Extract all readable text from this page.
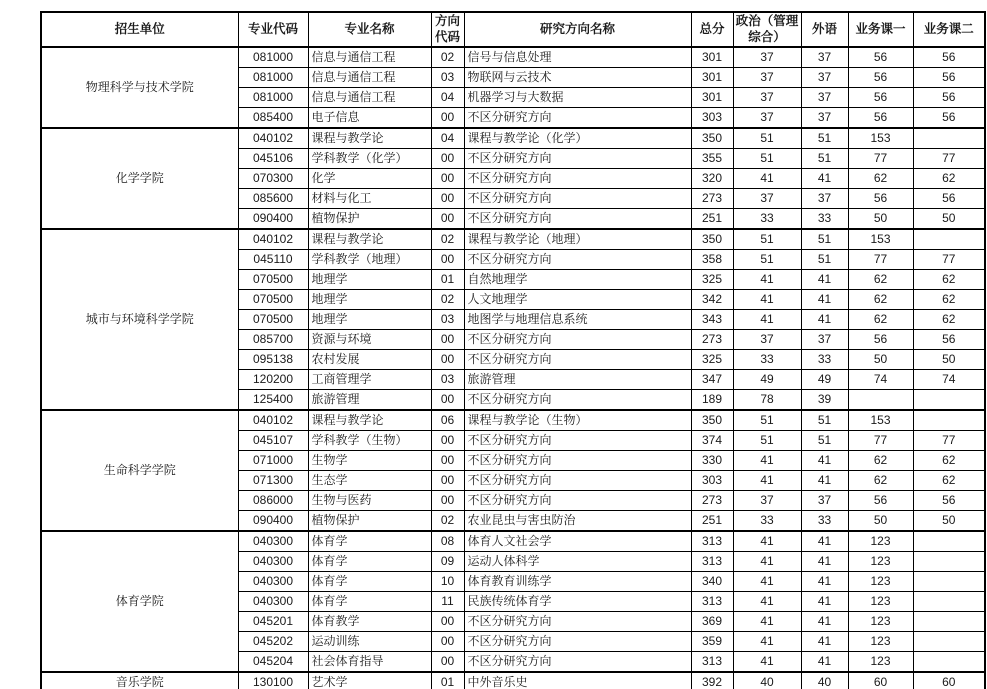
招生单位	专业代码	专业名称	方向代码	研究方向名称	总分	政治（管理综合）	外语	业务课一	业务课二
物理科学与技术学院	081000	信息与通信工程	02	信号与信息处理	301	37	37	56	56
	081000	信息与通信工程	03	物联网与云技术	301	37	37	56	56
	081000	信息与通信工程	04	机器学习与大数据	301	37	37	56	56
	085400	电子信息	00	不区分研究方向	303	37	37	56	56
化学学院	040102	课程与教学论	04	课程与教学论（化学）	350	51	51	153	
	045106	学科教学（化学）	00	不区分研究方向	355	51	51	77	77
	070300	化学	00	不区分研究方向	320	41	41	62	62
	085600	材料与化工	00	不区分研究方向	273	37	37	56	56
	090400	植物保护	00	不区分研究方向	251	33	33	50	50
城市与环境科学学院	040102	课程与教学论	02	课程与教学论（地理）	350	51	51	153	
	045110	学科教学（地理）	00	不区分研究方向	358	51	51	77	77
	070500	地理学	01	自然地理学	325	41	41	62	62
	070500	地理学	02	人文地理学	342	41	41	62	62
	070500	地理学	03	地图学与地理信息系统	343	41	41	62	62
	085700	资源与环境	00	不区分研究方向	273	37	37	56	56
	095138	农村发展	00	不区分研究方向	325	33	33	50	50
	120200	工商管理学	03	旅游管理	347	49	49	74	74
	125400	旅游管理	00	不区分研究方向	189	78	39		
生命科学学院	040102	课程与教学论	06	课程与教学论（生物）	350	51	51	153	
	045107	学科教学（生物）	00	不区分研究方向	374	51	51	77	77
	071000	生物学	00	不区分研究方向	330	41	41	62	62
	071300	生态学	00	不区分研究方向	303	41	41	62	62
	086000	生物与医药	00	不区分研究方向	273	37	37	56	56
	090400	植物保护	02	农业昆虫与害虫防治	251	33	33	50	50
体育学院	040300	体育学	08	体育人文社会学	313	41	41	123	
	040300	体育学	09	运动人体科学	313	41	41	123	
	040300	体育学	10	体育教育训练学	340	41	41	123	
	040300	体育学	11	民族传统体育学	313	41	41	123	
	045201	体育教学	00	不区分研究方向	369	41	41	123	
	045202	运动训练	00	不区分研究方向	359	41	41	123	
	045204	社会体育指导	00	不区分研究方向	313	41	41	123	
音乐学院	130100	艺术学	01	中外音乐史	392	40	40	60	60
